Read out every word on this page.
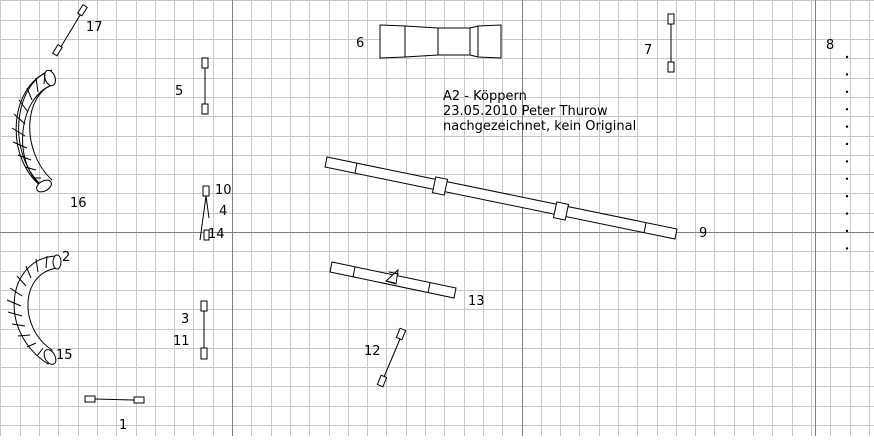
A2 - Köppern
23.05.2010 Peter Thurow
nachgezeichnet, kein Original
17
16
2
15
5
10
4
14
3
11
1
6	7	8
9
13
12
